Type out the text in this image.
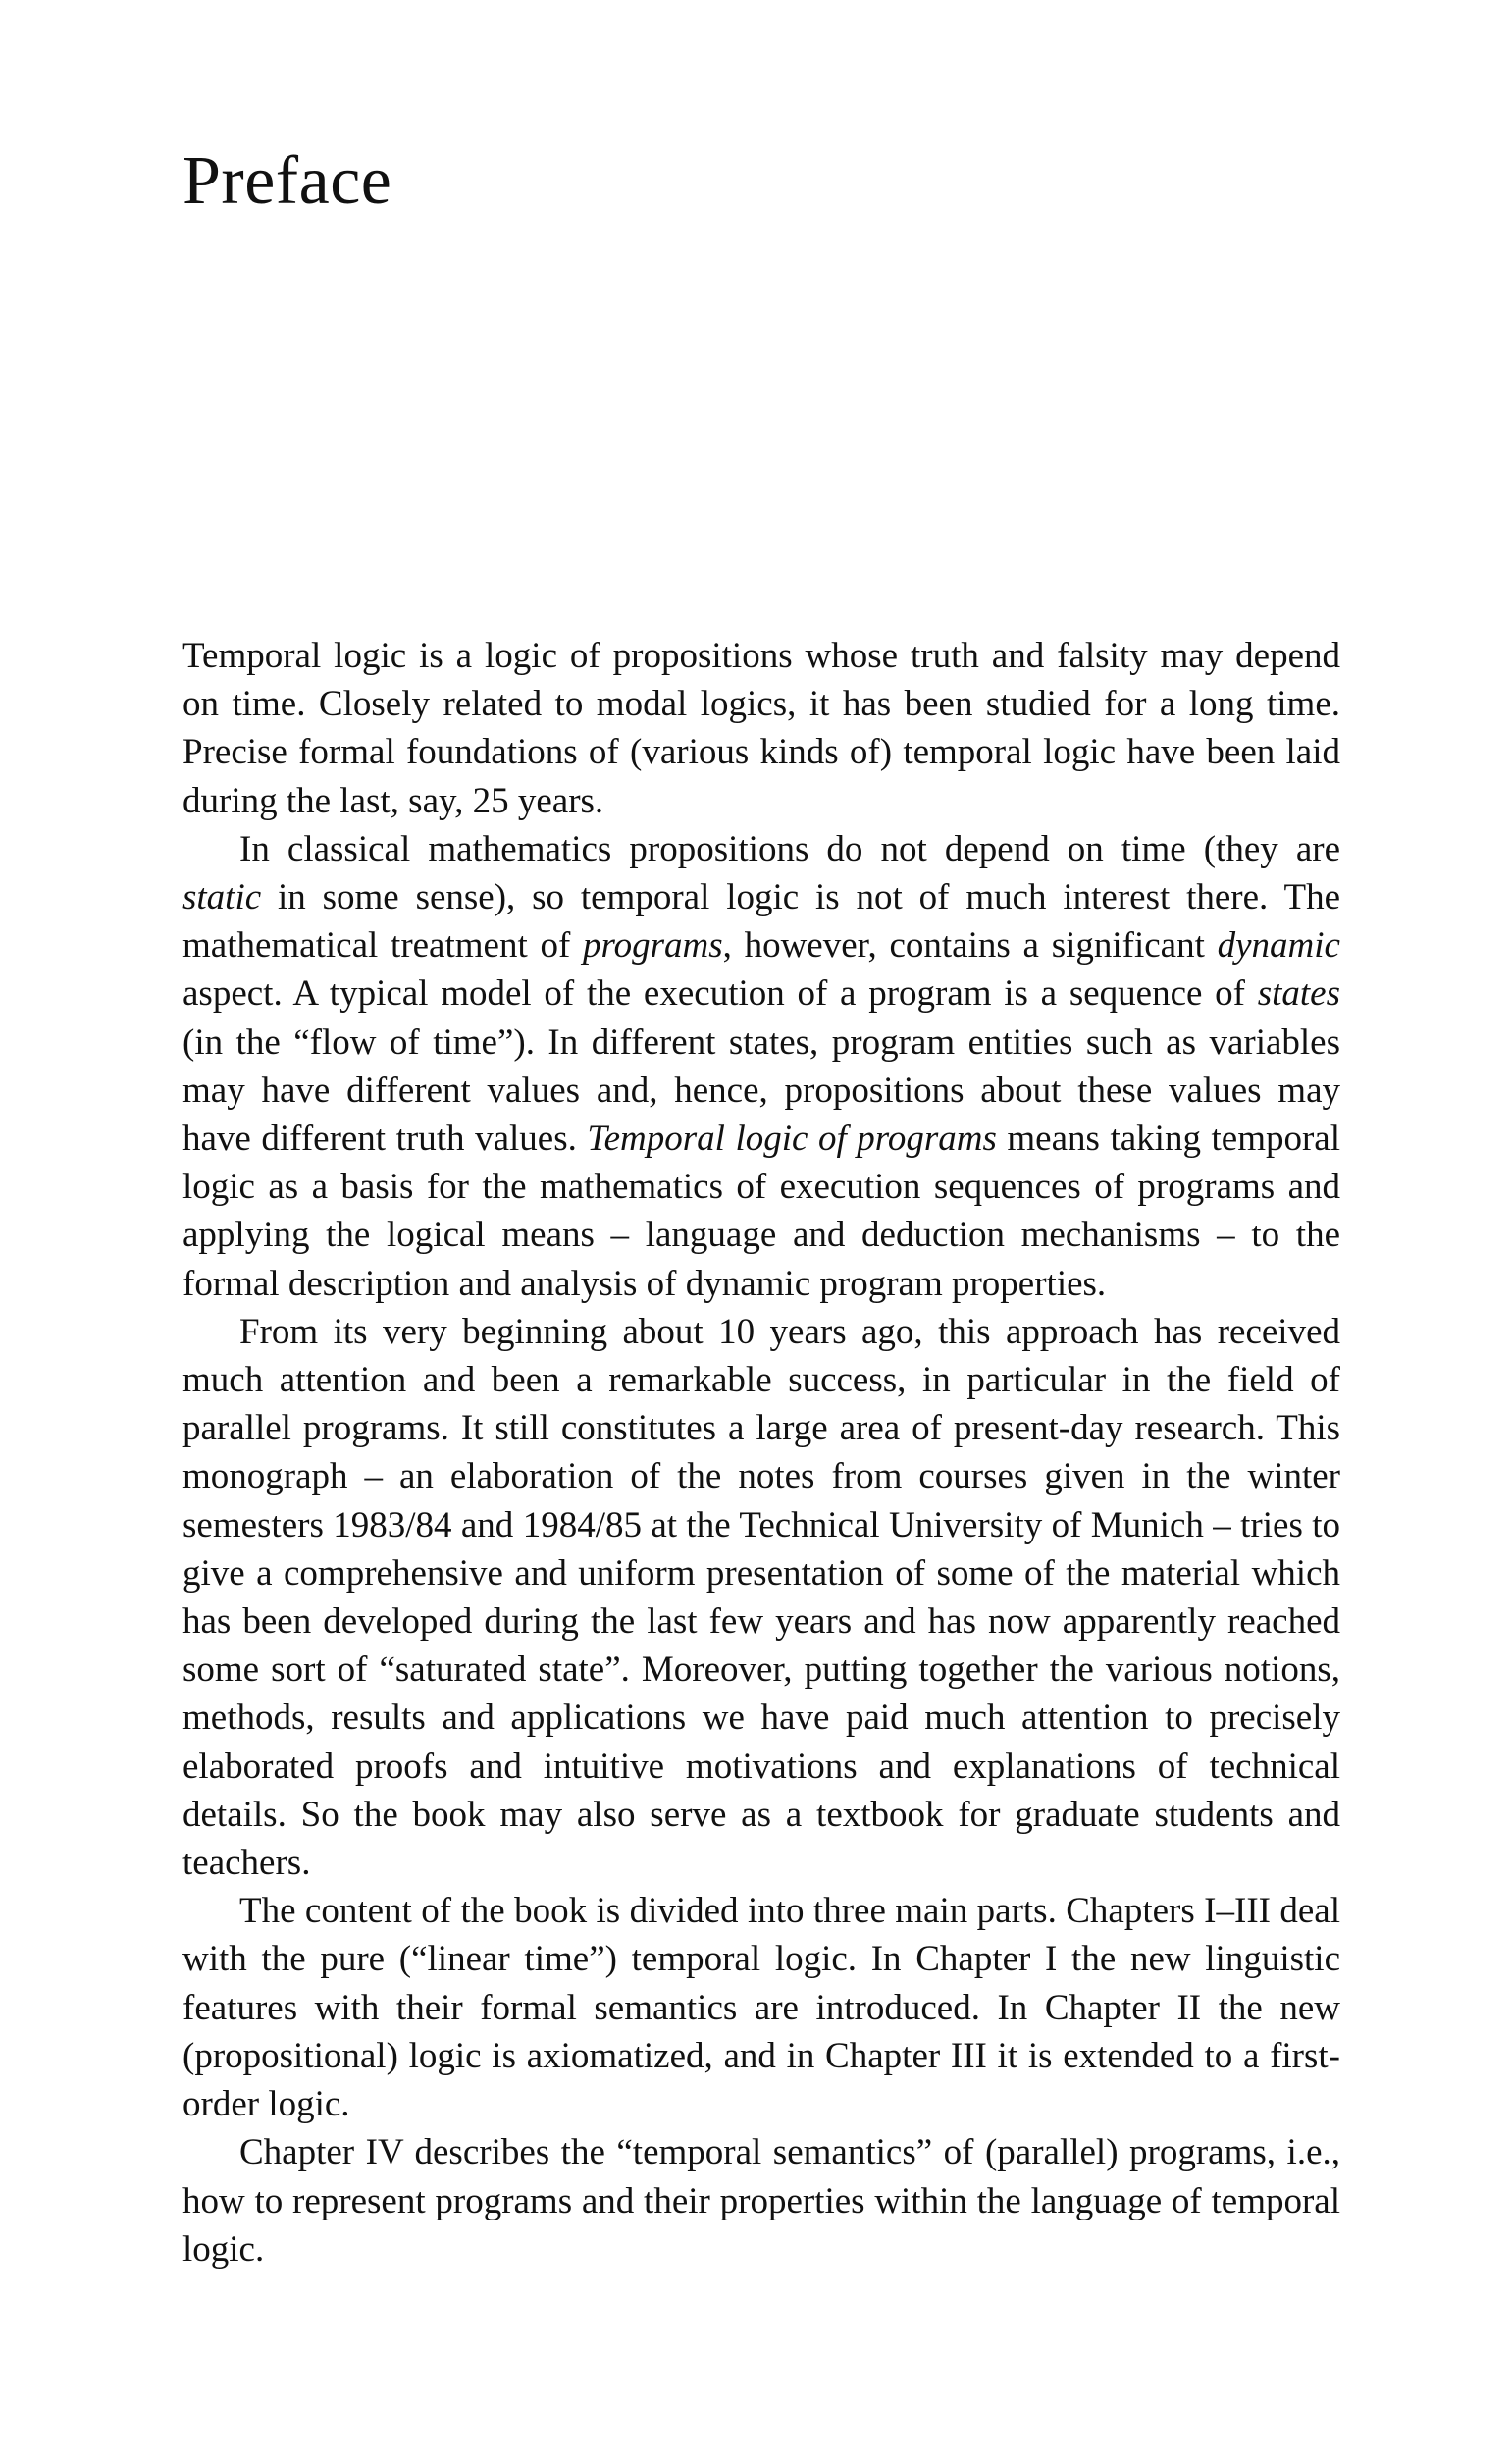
Preface

Temporal logic is a logic of propositions whose truth and falsity may depend on time. Closely related to modal logics, it has been studied for a long time. Precise formal foundations of (various kinds of) temporal logic have been laid during the last, say, 25 years.

In classical mathematics propositions do not depend on time (they are static in some sense), so temporal logic is not of much interest there. The mathematical treatment of programs, however, contains a significant dynamic aspect. A typical model of the execution of a program is a sequence of states (in the “flow of time”). In different states, program entities such as variables may have different values and, hence, propositions about these values may have different truth values. Temporal logic of programs means taking temporal logic as a basis for the mathematics of execution sequences of programs and applying the logical means – language and deduction mechanisms – to the formal description and analysis of dynamic program properties.

From its very beginning about 10 years ago, this approach has received much attention and been a remarkable success, in particular in the field of parallel programs. It still constitutes a large area of present-day research. This monograph – an elaboration of the notes from courses given in the winter semesters 1983/84 and 1984/85 at the Technical University of Munich – tries to give a comprehensive and uniform presentation of some of the material which has been developed during the last few years and has now apparently reached some sort of “saturated state”. Moreover, putting together the various notions, methods, results and applications we have paid much attention to precisely elaborated proofs and intuitive motivations and explanations of technical details. So the book may also serve as a textbook for graduate students and teachers.

The content of the book is divided into three main parts. Chapters I–III deal with the pure (“linear time”) temporal logic. In Chapter I the new linguistic features with their formal semantics are introduced. In Chapter II the new (propositional) logic is axiomatized, and in Chapter III it is extended to a first-order logic.

Chapter IV describes the “temporal semantics” of (parallel) programs, i.e., how to represent programs and their properties within the language of temporal logic.
